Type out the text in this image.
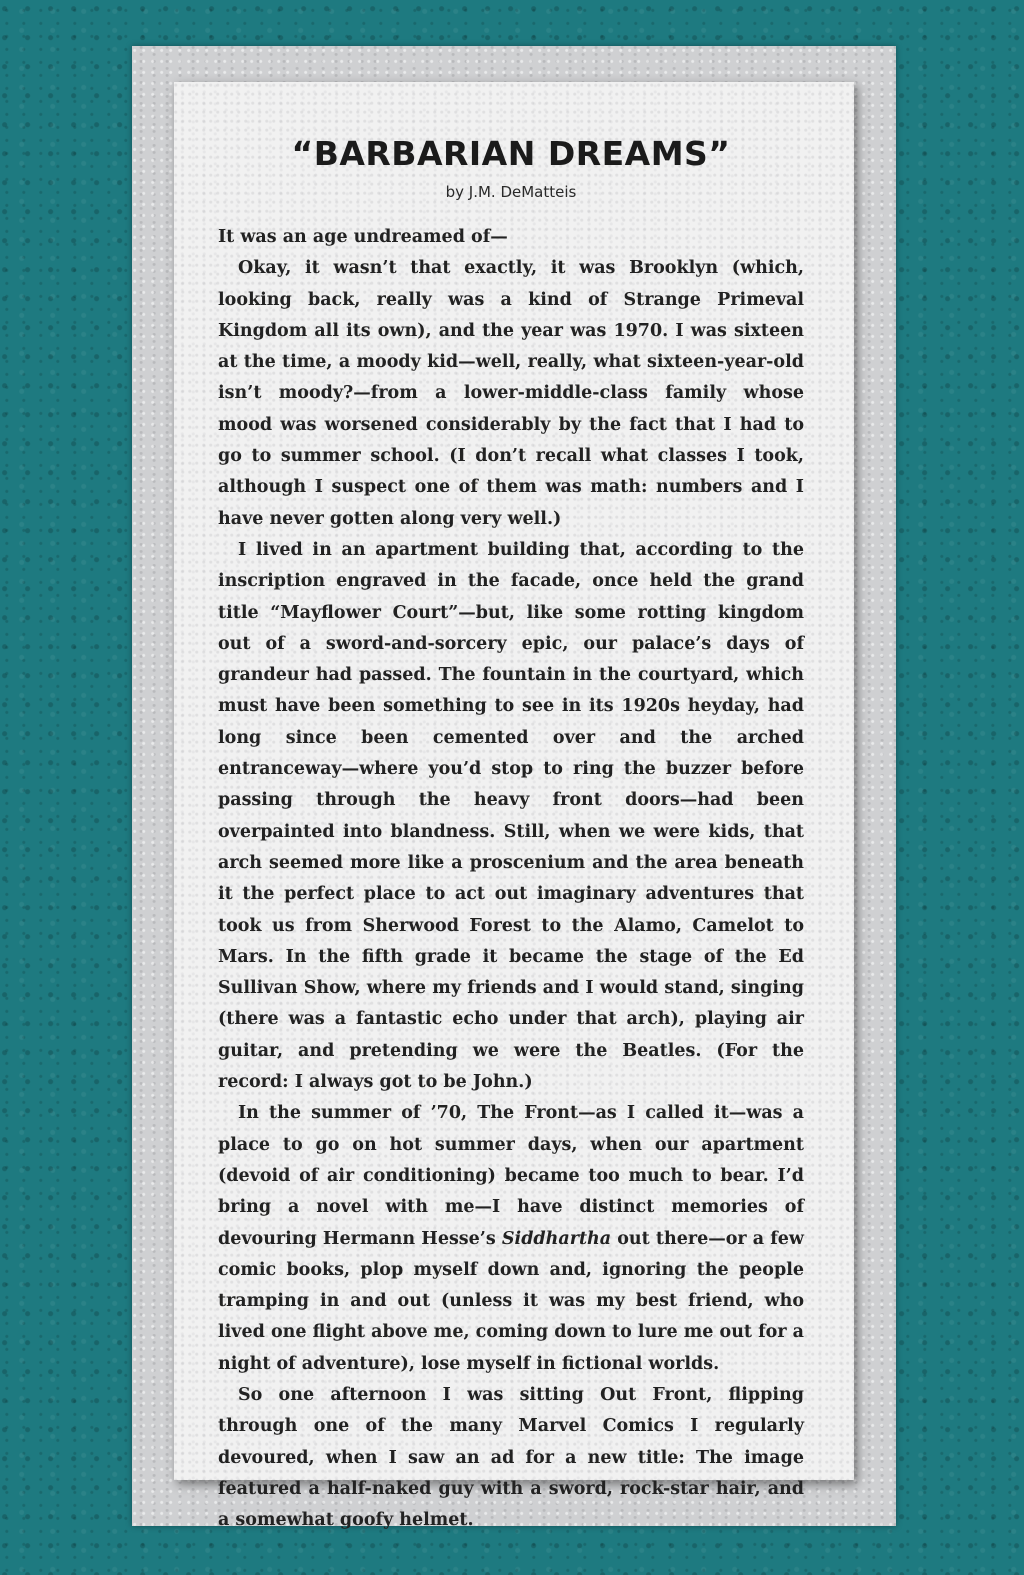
“BARBARIAN DREAMS”
by J.M. DeMatteis

It was an age undreamed of—

Okay, it wasn’t that exactly, it was Brooklyn (which, looking back, really was a kind of Strange Primeval Kingdom all its own), and the year was 1970. I was sixteen at the time, a moody kid—well, really, what sixteen-year-old isn’t moody?—from a lower-middle-class family whose mood was worsened considerably by the fact that I had to go to summer school. (I don’t recall what classes I took, although I suspect one of them was math: numbers and I have never gotten along very well.)

I lived in an apartment building that, according to the inscription engraved in the facade, once held the grand title “Mayflower Court”—but, like some rotting kingdom out of a sword-and-sorcery epic, our palace’s days of grandeur had passed. The fountain in the courtyard, which must have been something to see in its 1920s heyday, had long since been cemented over and the arched entranceway—where you’d stop to ring the buzzer before passing through the heavy front doors—had been overpainted into blandness. Still, when we were kids, that arch seemed more like a proscenium and the area beneath it the perfect place to act out imaginary adventures that took us from Sherwood Forest to the Alamo, Camelot to Mars. In the fifth grade it became the stage of the Ed Sullivan Show, where my friends and I would stand, singing (there was a fantastic echo under that arch), playing air guitar, and pretending we were the Beatles. (For the record: I always got to be John.)

In the summer of ’70, The Front—as I called it—was a place to go on hot summer days, when our apartment (devoid of air conditioning) became too much to bear. I’d bring a novel with me—I have distinct memories of devouring Hermann Hesse’s Siddhartha out there—or a few comic books, plop myself down and, ignoring the people tramping in and out (unless it was my best friend, who lived one flight above me, coming down to lure me out for a night of adventure), lose myself in fictional worlds.

So one afternoon I was sitting Out Front, flipping through one of the many Marvel Comics I regularly devoured, when I saw an ad for a new title: The image featured a half-naked guy with a sword, rock-star hair, and a somewhat goofy helmet.
